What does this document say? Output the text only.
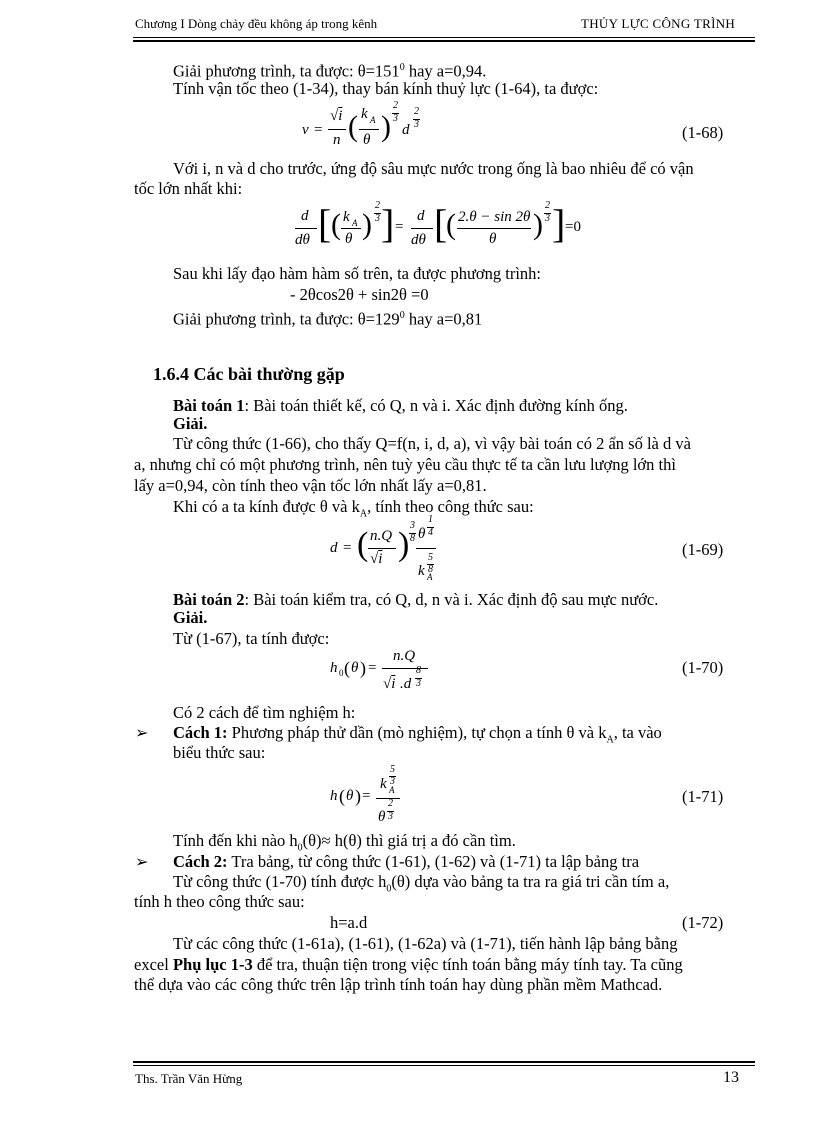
Chương I Dòng chảy đều không áp trong kênh	THỦY LỰC CÔNG TRÌNH
Giải phương trình, ta được: $\theta=151^0$ hay a=0,94.
Tính vận tốc theo (1-34), thay bán kính thuỷ lực (1-64), ta được:
v =
√i
n ( k A
θ )
2
3
d
2
3	(1-68)
Với i, n và d cho trước, ứng độ sâu mực nước trong ống là bao nhiêu để có vận
tốc lớn nhất khi:
d
dθ [ ( k A
θ )
2
3 ] =
d
dθ [
( 2.θ − sin 2θ
θ )
2
3 ] =0
Sau khi lấy đạo hàm hàm số trên, ta được phương trình:
- 2θcos2θ + sin2θ =0
Giải phương trình, ta được: $\theta=129^0$ hay a=0,81
1.6.4 Các bài thường gặp
Bài toán 1: Bài toán thiết kế, có Q, n và i. Xác định đường kính ống.
Giải.
Từ công thức (1-66), cho thấy Q=f(n, i, d, a), vì vậy bài toán có 2 ẩn số là d và
a, nhưng chỉ có một phương trình, nên tuỳ yêu cầu thực tế ta cần lưu lượng lớn thì
lấy a=0,94, còn tính theo vận tốc lớn nhất lấy a=0,81.
Khi có a ta kính được θ và $k_A$, tính theo công thức sau:
d = ( n.Q
√i )
3
8 θ
1
4
k A
5
8
(1-69)
Bài toán 2: Bài toán kiểm tra, có Q, d, n và i. Xác định độ sau mực nước.
Giải.
Từ (1-67), ta tính được:
h 0 ( θ ) =
n.Q
√i .d
8
3
(1-70)
Có 2 cách để tìm nghiệm h:
➢ Cách 1: Phương pháp thử dần (mò nghiệm), tự chọn a tính θ và $k_A$, ta vào
biểu thức sau:
h ( θ ) =
k A
5
3
θ
2
3
(1-71)
Tính đến khi nào $h_0(\theta)\approx h(\theta)$ thì giá trị a đó cần tìm.
➢ Cách 2: Tra bảng, từ công thức (1-61), (1-62) và (1-71) ta lập bảng tra
Từ công thức (1-70) tính được $h_0(\theta)$ dựa vào bảng ta tra ra giá tri cần tím a,
tính h theo công thức sau:
h=a.d	(1-72)
Từ các công thức (1-61a), (1-61), (1-62a) và (1-71), tiến hành lập bảng bằng
excel Phụ lục 1-3 để tra, thuận tiện trong việc tính toán bằng máy tính tay. Ta cũng
thể dựa vào các công thức trên lập trình tính toán hay dùng phần mềm Mathcad.
Ths. Trần Văn Hừng	13
